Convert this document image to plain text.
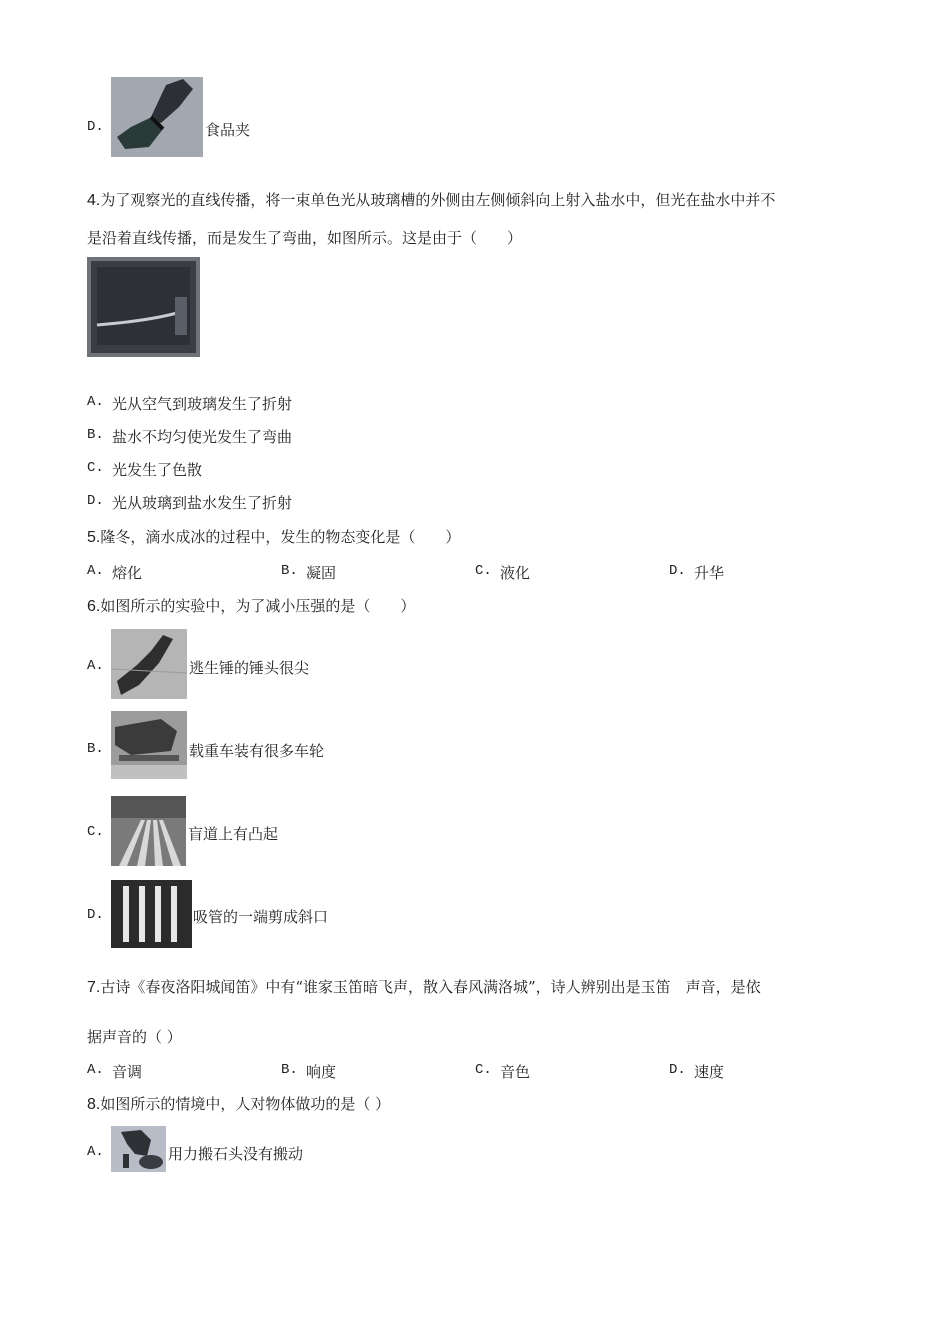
D.	食品夹
4.为了观察光的直线传播，将一束单色光从玻璃槽的外侧由左侧倾斜向上射入盐水中，但光在盐水中并不
是沿着直线传播，而是发生了弯曲，如图所示。这是由于（　　）
A. 光从空气到玻璃发生了折射
B. 盐水不均匀使光发生了弯曲
C. 光发生了色散
D. 光从玻璃到盐水发生了折射
5.隆冬，滴水成冰的过程中，发生的物态变化是（　　）
A. 熔化	B. 凝固	C. 液化	D. 升华
6.如图所示的实验中，为了减小压强的是（　　）
A.	逃生锤的锤头很尖
B.	载重车装有很多车轮
C.	盲道上有凸起
D.	吸管的一端剪成斜口
7.古诗《春夜洛阳城闻笛》中有“谁家玉笛暗飞声，散入春风满洛城”，诗人辨别出是玉笛　声音，是依
据声音的（ ）
A. 音调	B. 响度	C. 音色	D. 速度
8.如图所示的情境中，人对物体做功的是（ ）
A.	用力搬石头没有搬动
